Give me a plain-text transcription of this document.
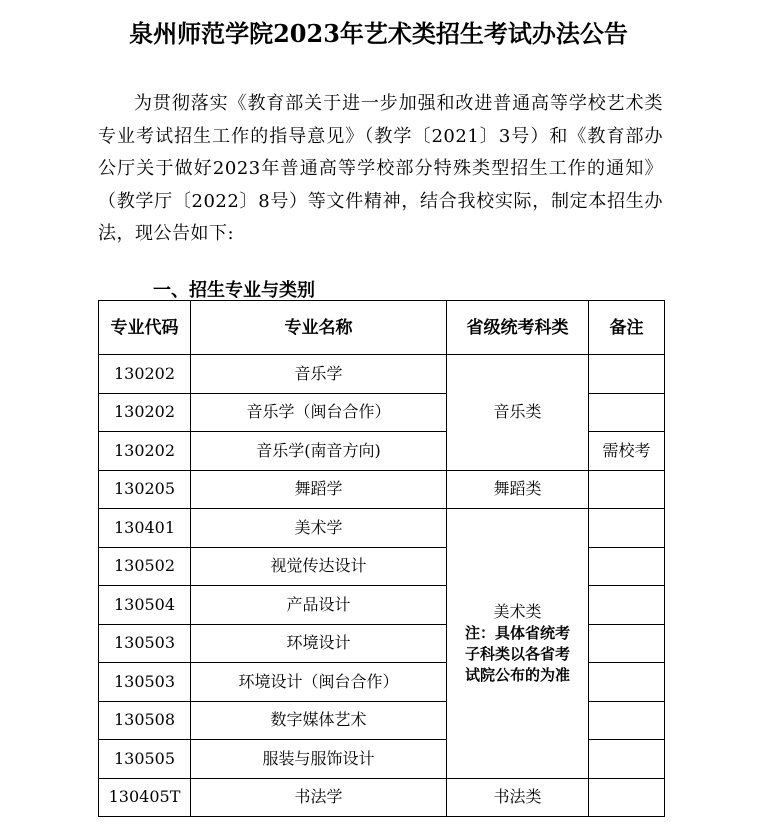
泉州师范学院2023年艺术类招生考试办法公告
为贯彻落实《教育部关于进一步加强和改进普通高等学校艺术类专业考试招生工作的指导意见》（教学〔2021〕3号）和《教育部办公厅关于做好2023年普通高等学校部分特殊类型招生工作的通知》（教学厅〔2022〕8号）等文件精神，结合我校实际，制定本招生办法，现公告如下:
一、招生专业与类别
专业代码	专业名称	省级统考科类	备注
130202	音乐学	音乐类	
130202	音乐学（闽台合作）		
130202	音乐学(南音方向)		需校考
130205	舞蹈学	舞蹈类	
130401	美术学	美术类
注：具体省统考子科类以各省考试院公布的为准	

130502	视觉传达设计		
130504	产品设计		
130503	环境设计		
130503	环境设计（闽台合作）		
130508	数字媒体艺术		
130505	服装与服饰设计		
130405T	书法学	书法类	
